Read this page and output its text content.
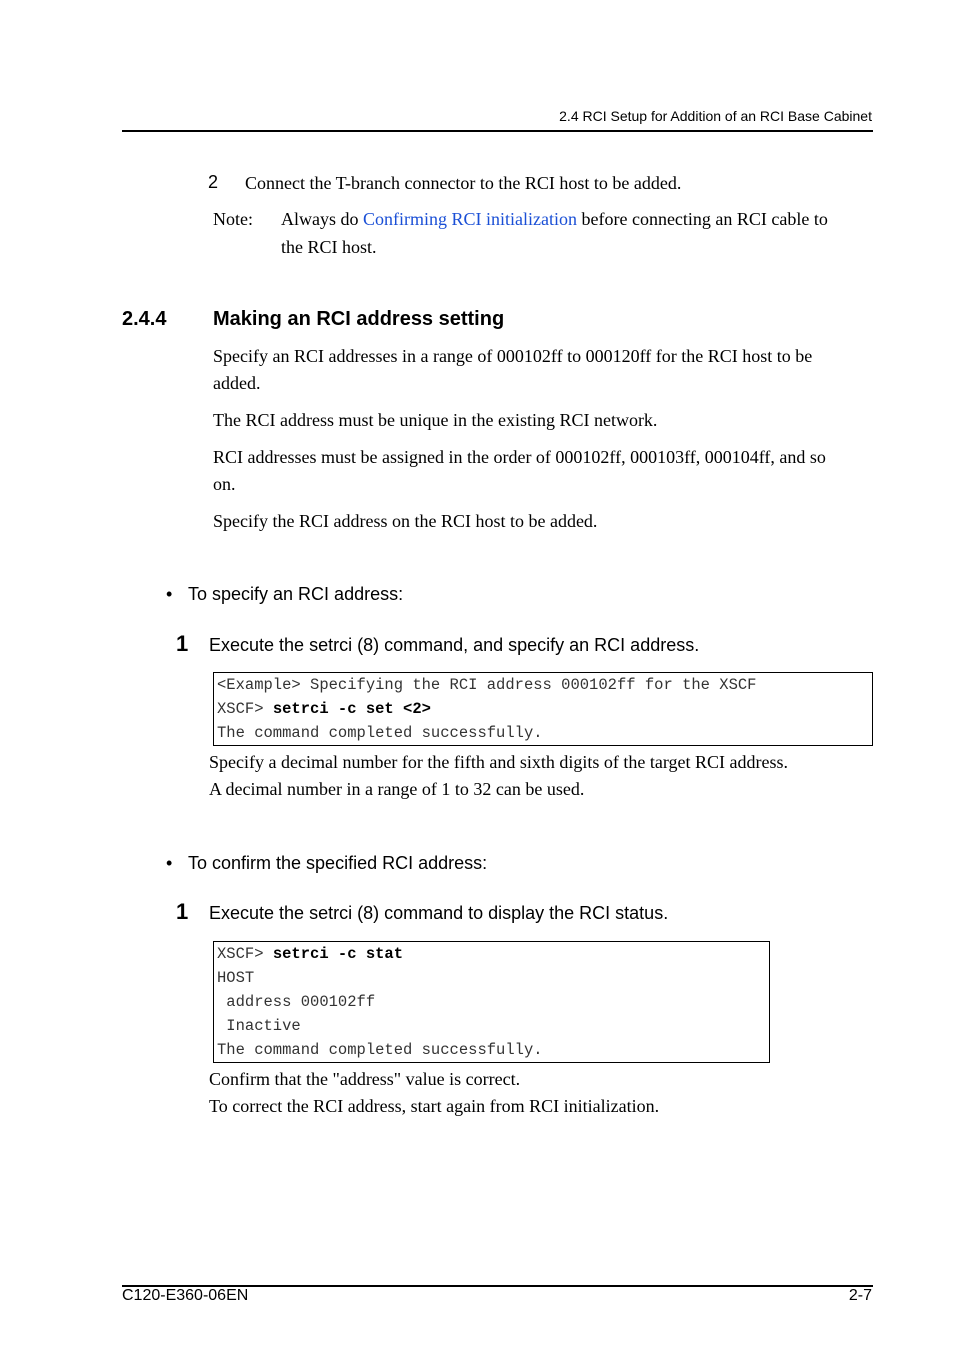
2.4 RCI Setup for Addition of an RCI Base Cabinet
2 Connect the T-branch connector to the RCI host to be added.
Note: Always do Confirming RCI initialization before connecting an RCI cable to
the RCI host.
2.4.4 Making an RCI address setting
Specify an RCI addresses in a range of 000102ff to 000120ff for the RCI host to be
added.
The RCI address must be unique in the existing RCI network.
RCI addresses must be assigned in the order of 000102ff, 000103ff, 000104ff, and so
on.
Specify the RCI address on the RCI host to be added.
• To specify an RCI address:
1 Execute the setrci (8) command, and specify an RCI address.
<Example> Specifying the RCI address 000102ff for the XSCF
XSCF> setrci -c set <2>
The command completed successfully.
Specify a decimal number for the fifth and sixth digits of the target RCI address.
A decimal number in a range of 1 to 32 can be used.
• To confirm the specified RCI address:
1 Execute the setrci (8) command to display the RCI status.
XSCF> setrci -c stat
HOST
address 000102ff
Inactive
The command completed successfully.
Confirm that the "address" value is correct.
To correct the RCI address, start again from RCI initialization.
C120-E360-06EN	2-7
